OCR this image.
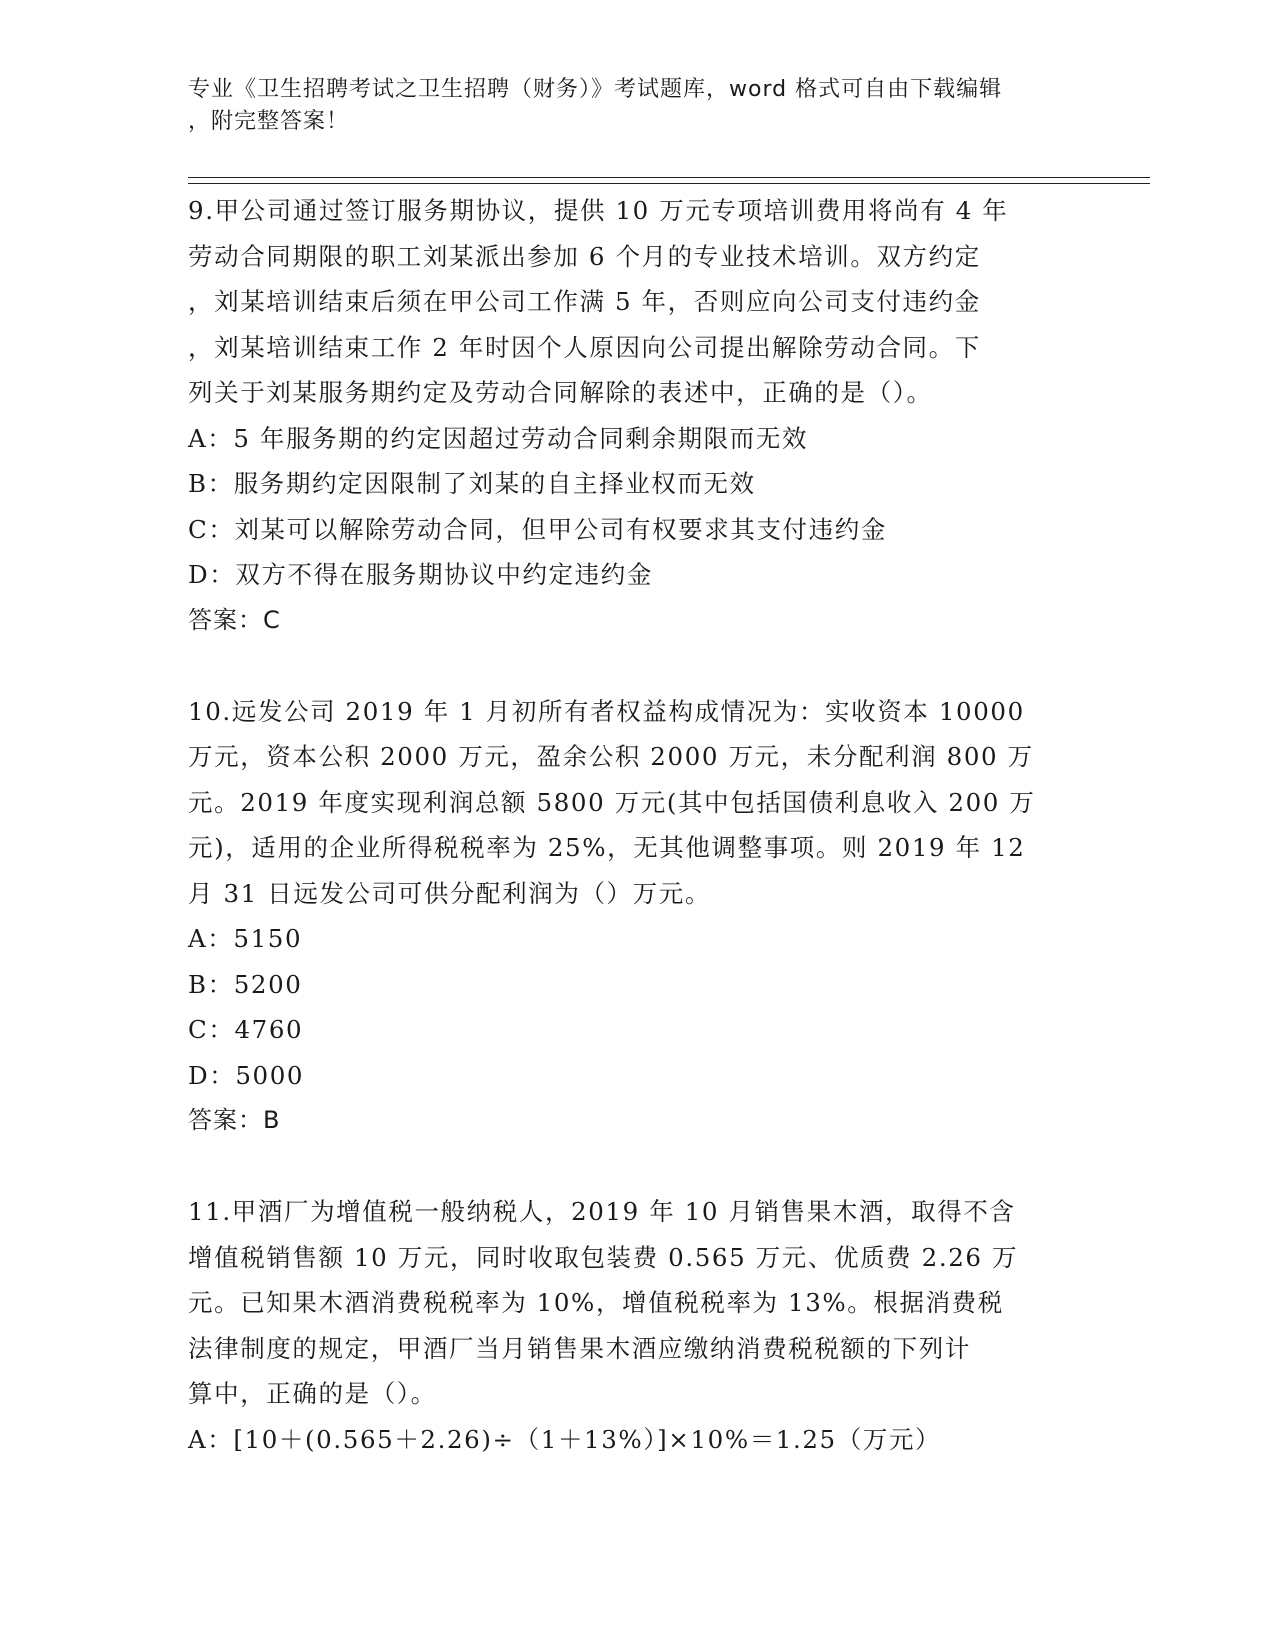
专业《卫生招聘考试之卫生招聘（财务）》考试题库，word 格式可自由下载编辑
，附完整答案！
9.甲公司通过签订服务期协议，提供 10 万元专项培训费用将尚有 4 年
劳动合同期限的职工刘某派出参加 6 个月的专业技术培训。双方约定
，刘某培训结束后须在甲公司工作满 5 年，否则应向公司支付违约金
，刘某培训结束工作 2 年时因个人原因向公司提出解除劳动合同。下
列关于刘某服务期约定及劳动合同解除的表述中，正确的是（）。
A：5 年服务期的约定因超过劳动合同剩余期限而无效
B：服务期约定因限制了刘某的自主择业权而无效
C：刘某可以解除劳动合同，但甲公司有权要求其支付违约金
D：双方不得在服务期协议中约定违约金
答案：C
10.远发公司 2019 年 1 月初所有者权益构成情况为：实收资本 10000
万元，资本公积 2000 万元，盈余公积 2000 万元，未分配利润 800 万
元。2019 年度实现利润总额 5800 万元(其中包括国债利息收入 200 万
元)，适用的企业所得税税率为 25%，无其他调整事项。则 2019 年 12
月 31 日远发公司可供分配利润为（）万元。
A：5150
B：5200
C：4760
D：5000
答案：B
11.甲酒厂为增值税一般纳税人，2019 年 10 月销售果木酒，取得不含
增值税销售额 10 万元，同时收取包装费 0.565 万元、优质费 2.26 万
元。已知果木酒消费税税率为 10%，增值税税率为 13%。根据消费税
法律制度的规定，甲酒厂当月销售果木酒应缴纳消费税税额的下列计
算中，正确的是（）。
A：[10＋(0.565＋2.26)÷（1＋13%）]×10%＝1.25（万元）
